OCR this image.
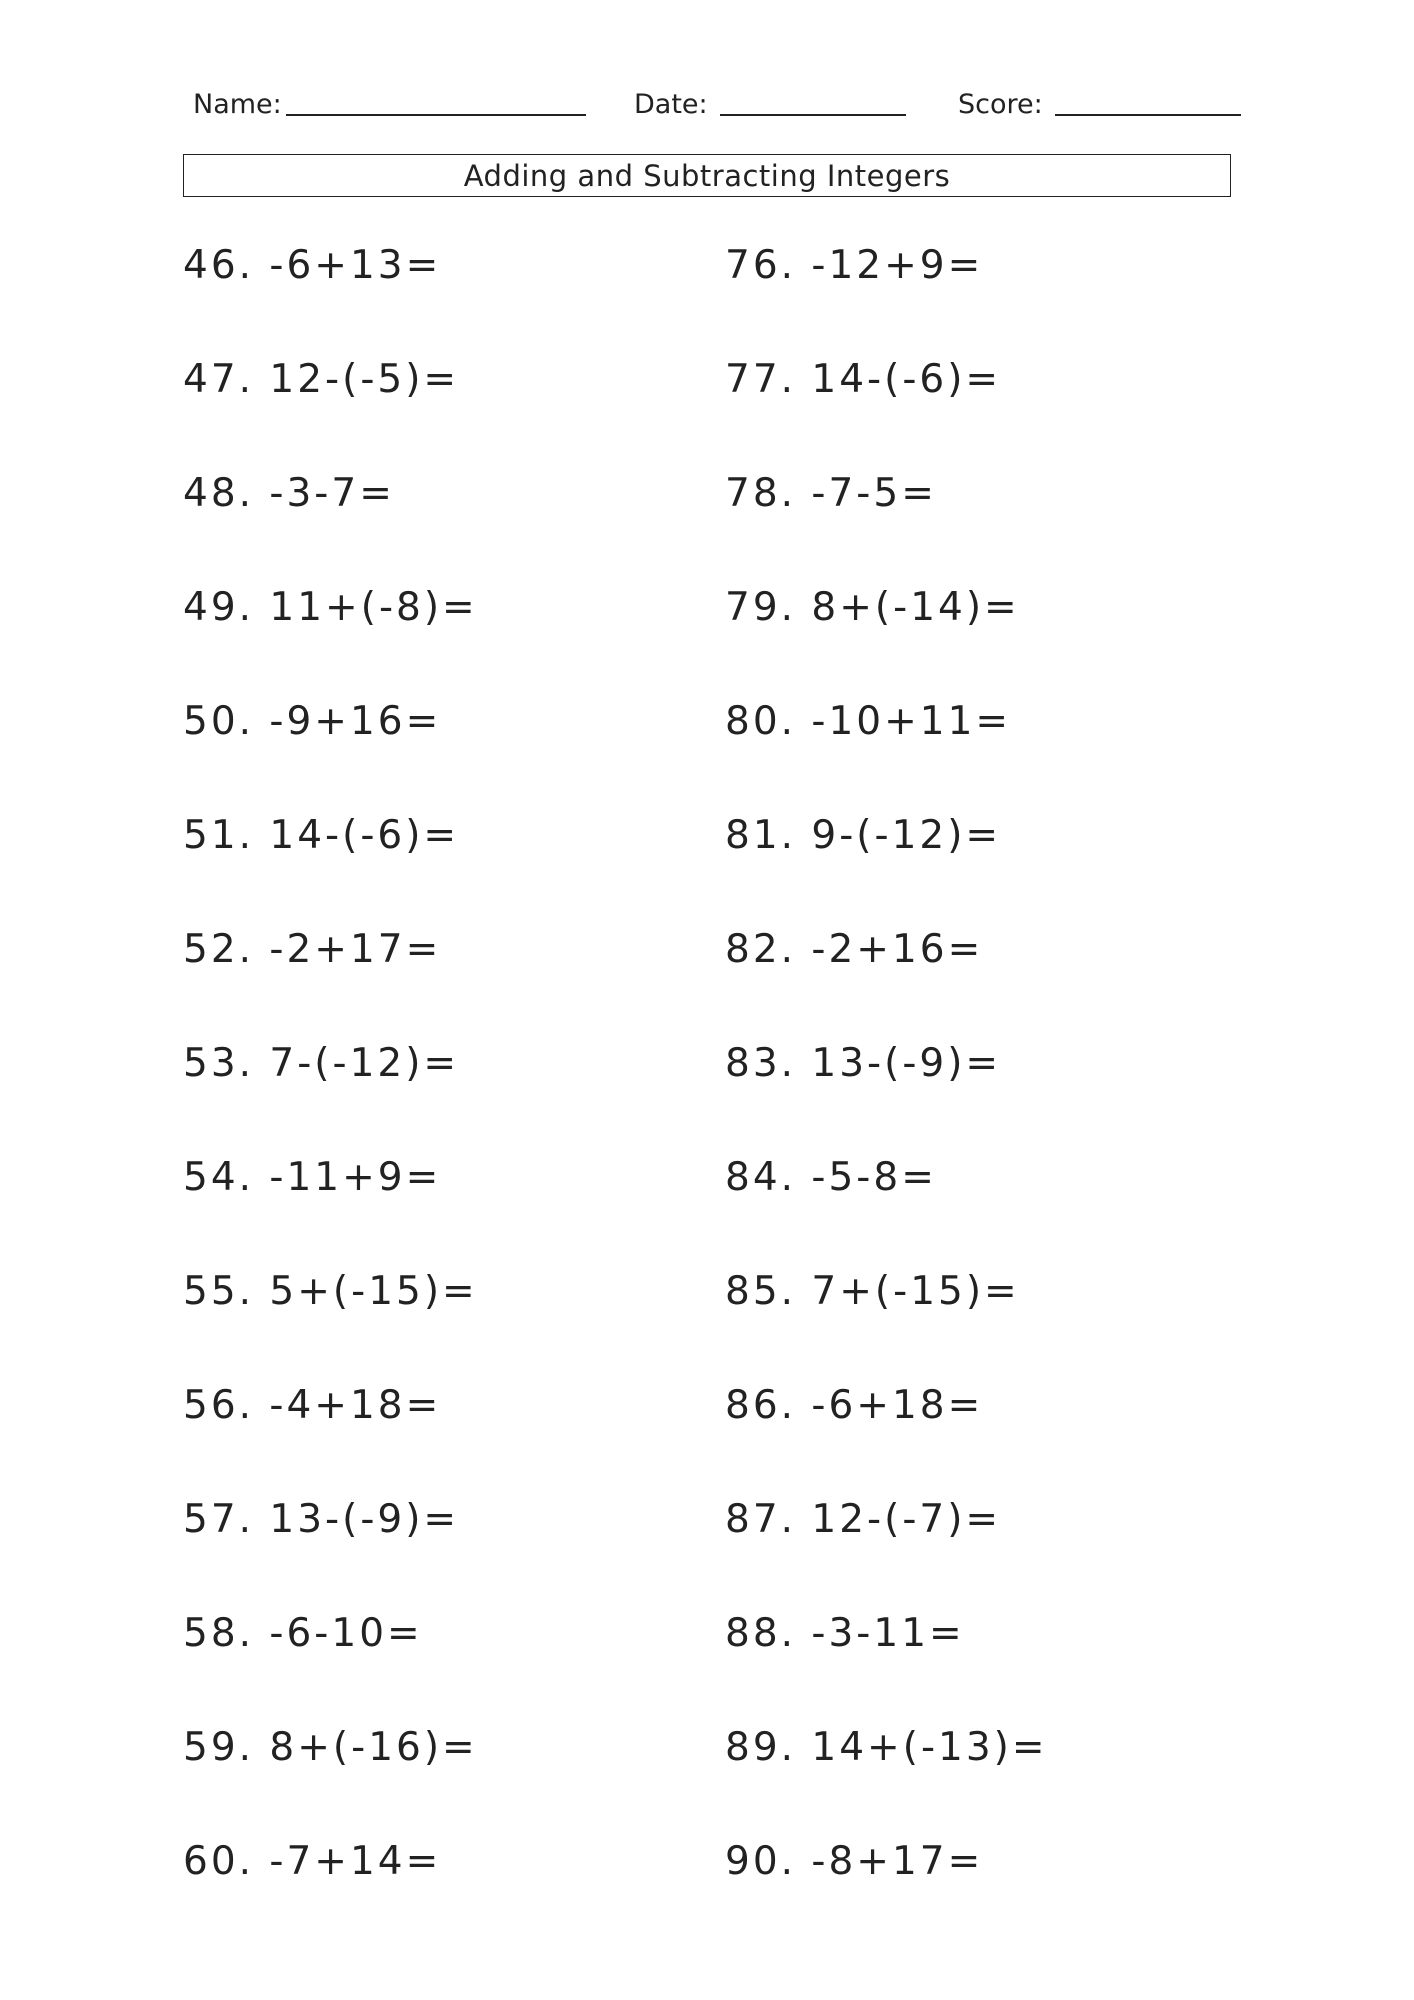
Name:	Date:	Score:
Adding and Subtracting Integers
46. -6+13=
47. 12-(-5)=
48. -3-7=
49. 11+(-8)=
50. -9+16=
51. 14-(-6)=
52. -2+17=
53. 7-(-12)=
54. -11+9=
55. 5+(-15)=
56. -4+18=
57. 13-(-9)=
58. -6-10=
59. 8+(-16)=
60. -7+14=
76. -12+9=
77. 14-(-6)=
78. -7-5=
79. 8+(-14)=
80. -10+11=
81. 9-(-12)=
82. -2+16=
83. 13-(-9)=
84. -5-8=
85. 7+(-15)=
86. -6+18=
87. 12-(-7)=
88. -3-11=
89. 14+(-13)=
90. -8+17=
